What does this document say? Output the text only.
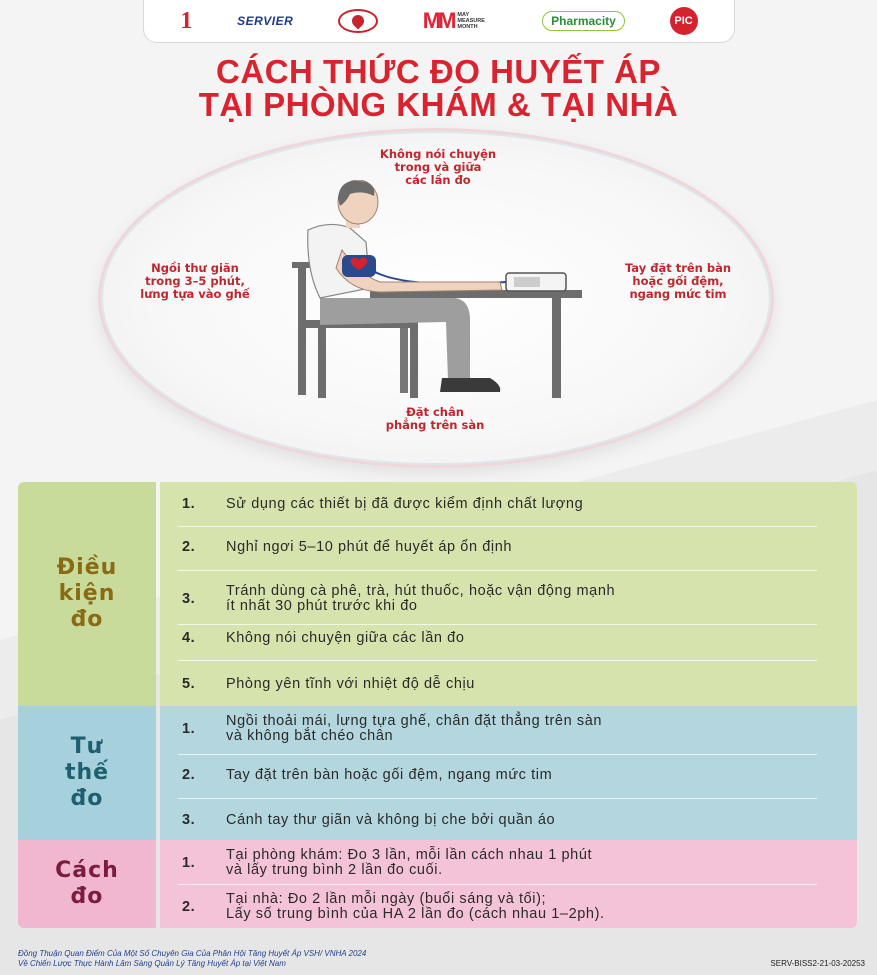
1	SERVIER	MM MAY MEASURE MONTH	Pharmacity	PIC
CÁCH THỨC ĐO HUYẾT ÁP
TẠI PHÒNG KHÁM & TẠI NHÀ
Không nói chuyện
trong và giữa
các lần đo
Ngồi thư giãn
trong 3–5 phút,
lưng tựa vào ghế
Tay đặt trên bàn
hoặc gối đệm,
ngang mức tim
Đặt chân
phẳng trên sàn
Điều
kiện
đo
1.	Sử dụng các thiết bị đã được kiểm định chất lượng
2.	Nghỉ ngơi 5–10 phút để huyết áp ổn định
3.	Tránh dùng cà phê, trà, hút thuốc, hoặc vận động mạnh
ít nhất 30 phút trước khi đo
4.	Không nói chuyện giữa các lần đo
5.	Phòng yên tĩnh với nhiệt độ dễ chịu
Tư
thế
đo
1.	Ngồi thoải mái, lưng tựa ghế, chân đặt thẳng trên sàn
và không bắt chéo chân
2.	Tay đặt trên bàn hoặc gối đệm, ngang mức tim
3.	Cánh tay thư giãn và không bị che bởi quần áo
Cách
đo
1.	Tại phòng khám: Đo 3 lần, mỗi lần cách nhau 1 phút
và lấy trung bình 2 lần đo cuối.
2.	Tại nhà: Đo 2 lần mỗi ngày (buổi sáng và tối);
Lấy số trung bình của HA 2 lần đo (cách nhau 1–2ph).
Đồng Thuận Quan Điểm Của Một Số Chuyên Gia Của Phân Hội Tăng Huyết Áp VSH/ VNHA 2024
Về Chiến Lược Thực Hành Lâm Sàng Quản Lý Tăng Huyết Áp tại Việt Nam	SERV-BISS2-21-03-20253
